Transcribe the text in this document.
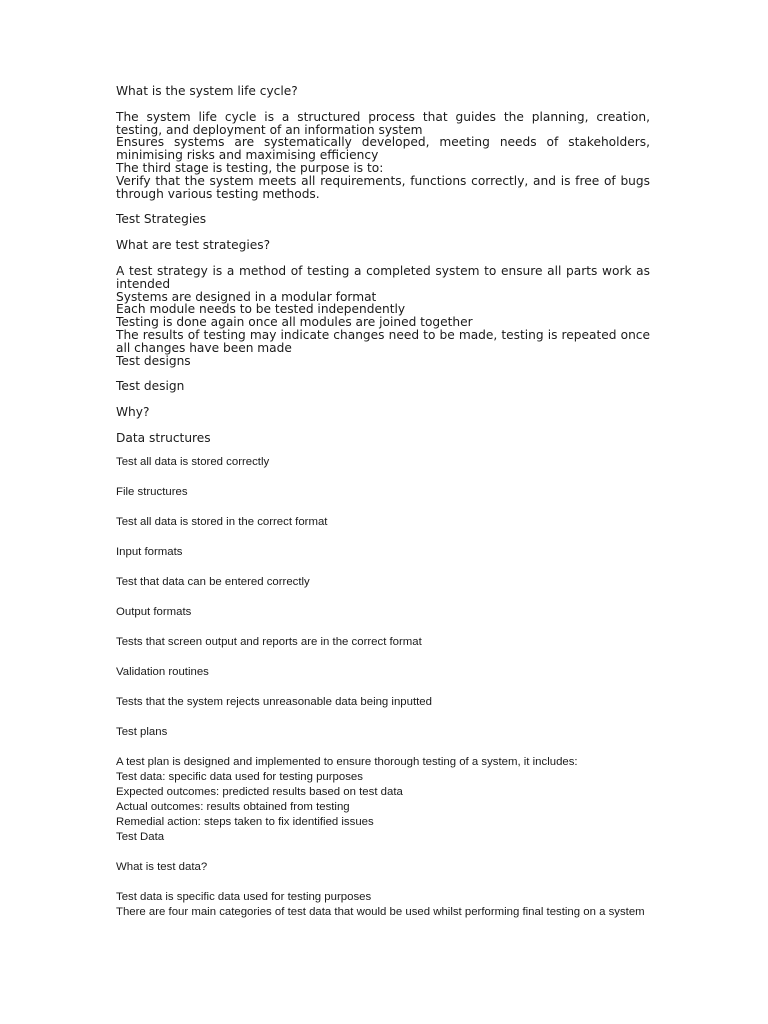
What is the system life cycle?

The system life cycle is a structured process that guides the planning, creation, testing, and deployment of an information system

Ensures systems are systematically developed, meeting needs of stakeholders, minimising risks and maximising efficiency

The third stage is testing, the purpose is to:

Verify that the system meets all requirements, functions correctly, and is free of bugs through various testing methods.

Test Strategies

What are test strategies?

A test strategy is a method of testing a completed system to ensure all parts work as intended

Systems are designed in a modular format

Each module needs to be tested independently

Testing is done again once all modules are joined together

The results of testing may indicate changes need to be made, testing is repeated once all changes have been made

Test designs

Test design

Why?

Data structures

Test all data is stored correctly

File structures

Test all data is stored in the correct format

Input formats

Test that data can be entered correctly

Output formats

Tests that screen output and reports are in the correct format

Validation routines

Tests that the system rejects unreasonable data being inputted

Test plans

A test plan is designed and implemented to ensure thorough testing of a system, it includes:

Test data: specific data used for testing purposes

Expected outcomes: predicted results based on test data

Actual outcomes: results obtained from testing

Remedial action: steps taken to fix identified issues

Test Data

What is test data?

Test data is specific data used for testing purposes

There are four main categories of test data that would be used whilst performing final testing on a system
